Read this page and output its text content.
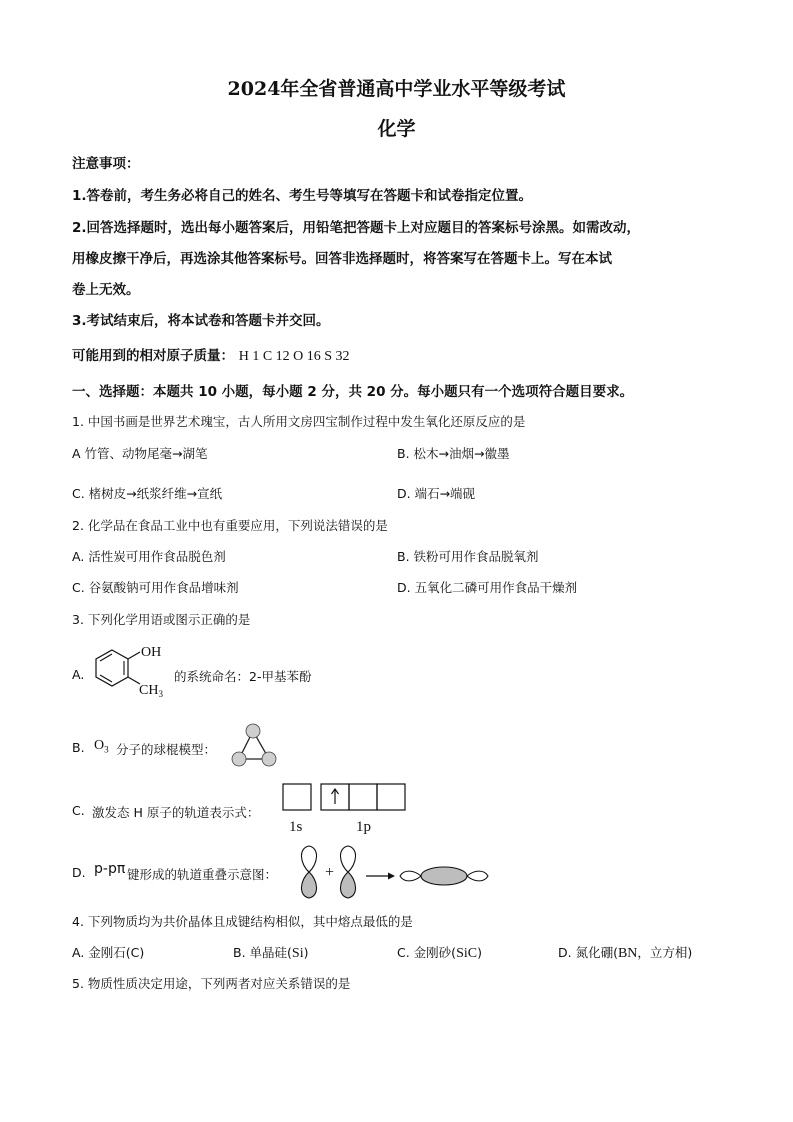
2024年全省普通高中学业水平等级考试
化学
注意事项：
1.答卷前，考生务必将自己的姓名、考生号等填写在答题卡和试卷指定位置。
2.回答选择题时，选出每小题答案后，用铅笔把答题卡上对应题目的答案标号涂黑。如需改动，
用橡皮擦干净后，再选涂其他答案标号。回答非选择题时，将答案写在答题卡上。写在本试
卷上无效。
3.考试结束后，将本试卷和答题卡并交回。
可能用到的相对原子质量： H 1 C 12 O 16 S 32
一、选择题：本题共 10 小题，每小题 2 分，共 20 分。每小题只有一个选项符合题目要求。
1. 中国书画是世界艺术瑰宝，古人所用文房四宝制作过程中发生氧化还原反应的是
A 竹管、动物尾毫→湖笔	B. 松木→油烟→徽墨
C. 楮树皮→纸浆纤维→宣纸	D. 端石→端砚
2. 化学品在食品工业中也有重要应用，下列说法错误的是
A. 活性炭可用作食品脱色剂	B. 铁粉可用作食品脱氧剂
C. 谷氨酸钠可用作食品增味剂	D. 五氧化二磷可用作食品干燥剂
3. 下列化学用语或图示正确的是
A.
OH
$CH_3$
的系统命名：2-甲基苯酚
B. $O_3$ 分子的球棍模型：
C. 激发态 H 原子的轨道表示式：
1s	1p
D. p-pπ 键形成的轨道重叠示意图：	+
4. 下列物质均为共价晶体且成键结构相似，其中熔点最低的是
A. 金刚石(C)	B. 单晶硅(Si)	C. 金刚砂(SiC)	D. 氮化硼(BN，立方相)
5. 物质性质决定用途，下列两者对应关系错误的是
